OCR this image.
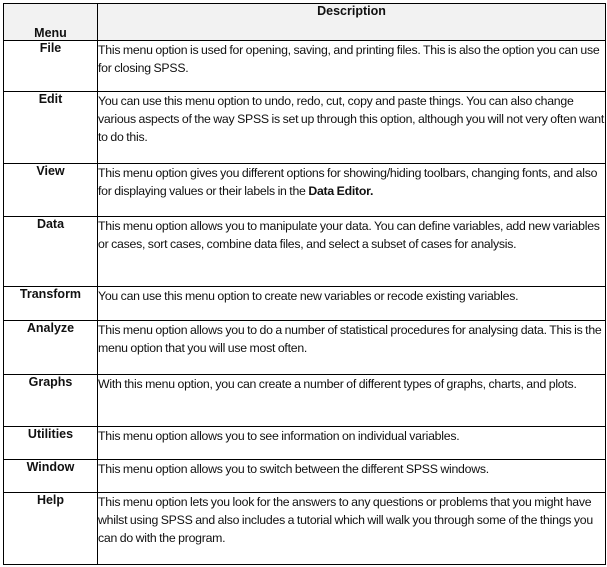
Menu	Description
File	This menu option is used for opening, saving, and printing files. This is also the option you can use for closing SPSS.
Edit	You can use this menu option to undo, redo, cut, copy and paste things. You can also change various aspects of the way SPSS is set up through this option, although you will not very often want to do this.
View	This menu option gives you different options for showing/hiding toolbars, changing fonts, and also for displaying values or their labels in the Data Editor.
Data	This menu option allows you to manipulate your data. You can define variables, add new variables or cases, sort cases, combine data files, and select a subset of cases for analysis.
Transform	You can use this menu option to create new variables or recode existing variables.
Analyze	This menu option allows you to do a number of statistical procedures for analysing data. This is the menu option that you will use most often.
Graphs	With this menu option, you can create a number of different types of graphs, charts, and plots.
Utilities	This menu option allows you to see information on individual variables.
Window	This menu option allows you to switch between the different SPSS windows.
Help	This menu option lets you look for the answers to any questions or problems that you might have whilst using SPSS and also includes a tutorial which will walk you through some of the things you can do with the program.
